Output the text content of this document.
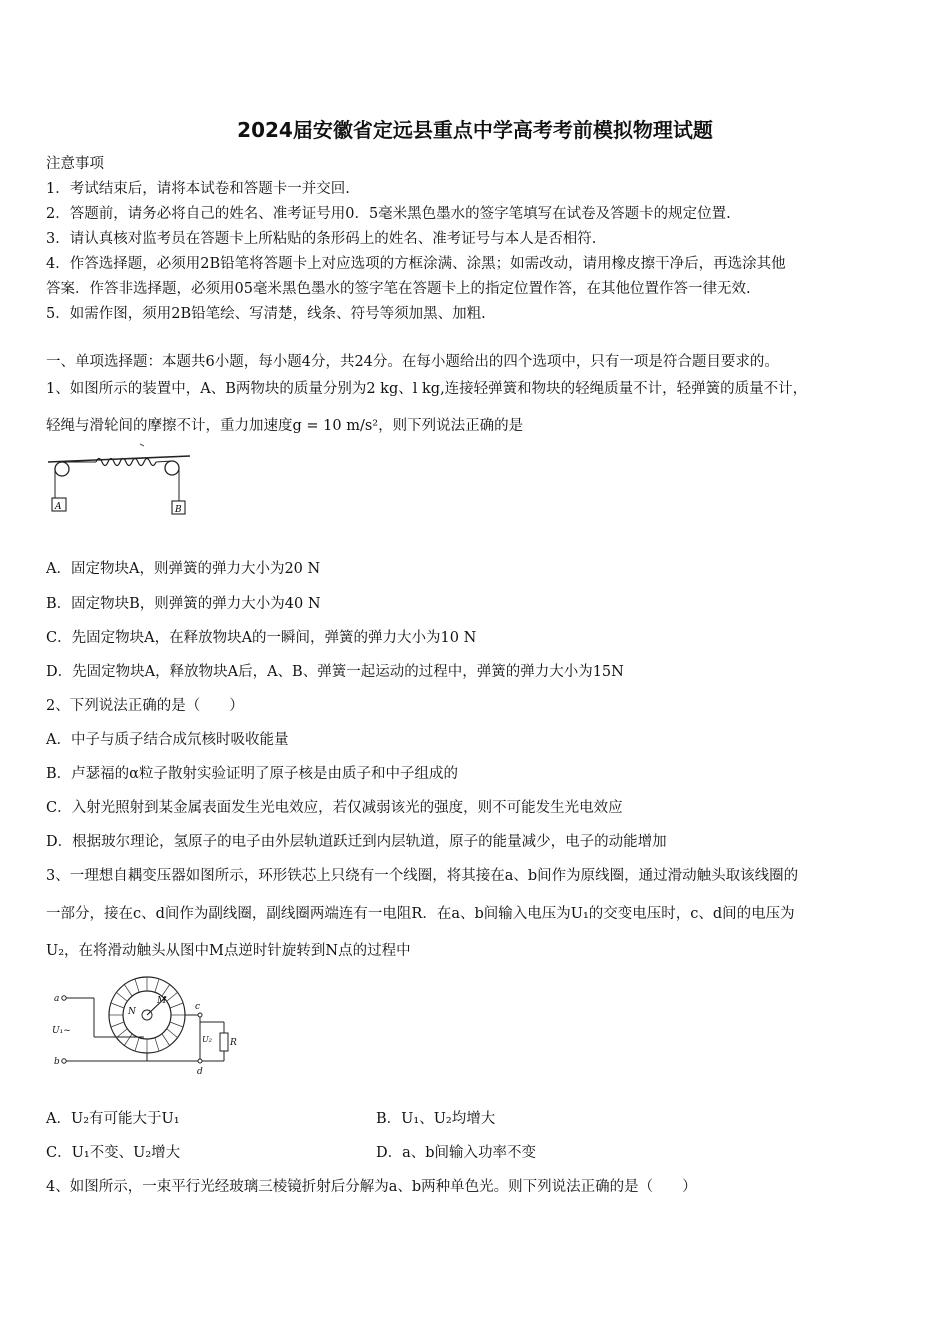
2024届安徽省定远县重点中学高考考前模拟物理试题
注意事项
1．考试结束后，请将本试卷和答题卡一并交回.
2．答题前，请务必将自己的姓名、准考证号用0．5毫米黑色墨水的签字笔填写在试卷及答题卡的规定位置.
3．请认真核对监考员在答题卡上所粘贴的条形码上的姓名、准考证号与本人是否相符.
4．作答选择题，必须用2B铅笔将答题卡上对应选项的方框涂满、涂黑；如需改动，请用橡皮擦干净后，再选涂其他
答案．作答非选择题，必须用05毫米黑色墨水的签字笔在答题卡上的指定位置作答，在其他位置作答一律无效.
5．如需作图，须用2B铅笔绘、写清楚，线条、符号等须加黑、加粗.
一、单项选择题：本题共6小题，每小题4分，共24分。在每小题给出的四个选项中，只有一项是符合题目要求的。
1、如图所示的装置中，A、B两物块的质量分别为2 kg、l kg,连接轻弹簧和物块的轻绳质量不计，轻弹簧的质量不计，
轻绳与滑轮间的摩擦不计，重力加速度g = 10 m/s²，则下列说法正确的是
A	B
A．固定物块A，则弹簧的弹力大小为20 N
B．固定物块B，则弹簧的弹力大小为40 N
C．先固定物块A，在释放物块A的一瞬间，弹簧的弹力大小为10 N
D．先固定物块A，释放物块A后，A、B、弹簧一起运动的过程中，弹簧的弹力大小为15N
2、下列说法正确的是（　　）
A．中子与质子结合成氘核时吸收能量
B．卢瑟福的α粒子散射实验证明了原子核是由质子和中子组成的
C．入射光照射到某金属表面发生光电效应，若仅减弱该光的强度，则不可能发生光电效应
D．根据玻尔理论，氢原子的电子由外层轨道跃迁到内层轨道，原子的能量减少，电子的动能增加
3、一理想自耦变压器如图所示，环形铁芯上只绕有一个线圈，将其接在a、b间作为原线圈，通过滑动触头取该线圈的
一部分，接在c、d间作为副线圈，副线圈两端连有一电阻R．在a、b间输入电压为U₁的交变电压时，c、d间的电压为
U₂，在将滑动触头从图中M点逆时针旋转到N点的过程中
a
b
c
d
M
N
R
U₁~
U₂
A．U₂有可能大于U₁	B．U₁、U₂均增大
C．U₁不变、U₂增大	D．a、b间输入功率不变
4、如图所示，一束平行光经玻璃三棱镜折射后分解为a、b两种单色光。则下列说法正确的是（　　）
